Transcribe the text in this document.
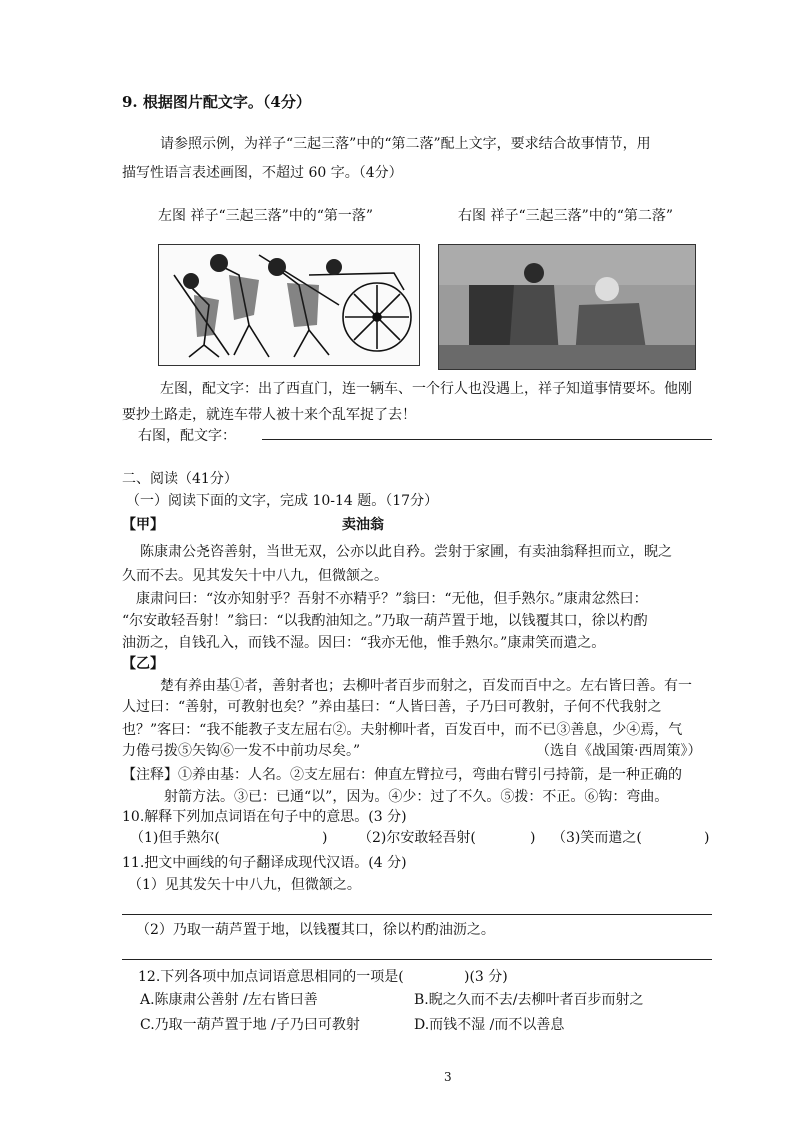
9. 根据图片配文字。（4分）
请参照示例，为祥子“三起三落”中的“第二落”配上文字，要求结合故事情节，用
描写性语言表述画图，不超过 60 字。（4分）
左图 祥子“三起三落”中的“第一落”	右图 祥子“三起三落”中的“第二落”
左图，配文字：出了西直门，连一辆车、一个行人也没遇上，祥子知道事情要坏。他刚
要抄土路走，就连车带人被十来个乱军捉了去！
右图，配文字：
二、阅读（41分）
（一）阅读下面的文字，完成 10-14 题。（17分）
【甲】	卖油翁
陈康肃公尧咨善射，当世无双，公亦以此自矜。尝射于家圃，有卖油翁释担而立，睨之
久而不去。见其发矢十中八九，但微颔之。
康肃问曰：“汝亦知射乎？吾射不亦精乎？”翁曰：“无他，但手熟尔。”康肃忿然曰：
“尔安敢轻吾射！”翁曰：“以我酌油知之。”乃取一葫芦置于地，以钱覆其口，徐以杓酌
油沥之，自钱孔入，而钱不湿。因曰：“我亦无他，惟手熟尔。”康肃笑而遣之。
【乙】
楚有养由基①者，善射者也；去柳叶者百步而射之，百发而百中之。左右皆曰善。有一
人过曰：“善射，可教射也矣？”养由基曰：“人皆曰善，子乃曰可教射，子何不代我射之
也？”客曰：“我不能教子支左屈右②。夫射柳叶者，百发百中，而不已③善息，少④焉，气
力倦弓拨⑤矢钩⑥一发不中前功尽矣。”	（选自《战国策·西周策》）
【注释】①养由基：人名。②支左屈右：伸直左臂拉弓，弯曲右臂引弓持箭，是一种正确的
射箭方法。③已：已通“以”，因为。④少：过了不久。⑤拨：不正。⑥钩：弯曲。
10.解释下列加点词语在句子中的意思。(3 分)
（1)但手熟尔(	) （2)尔安敢轻吾射(	) （3)笑而遣之(	)
11.把文中画线的句子翻译成现代汉语。(4 分)
（1）见其发矢十中八九，但微颔之。
（2）乃取一葫芦置于地，以钱覆其口，徐以杓酌油沥之。
12.下列各项中加点词语意思相同的一项是(	)(3 分)
A.陈康肃公善射 /左右皆曰善	B.睨之久而不去/去柳叶者百步而射之
C.乃取一葫芦置于地 /子乃曰可教射	D.而钱不湿 /而不以善息
3
